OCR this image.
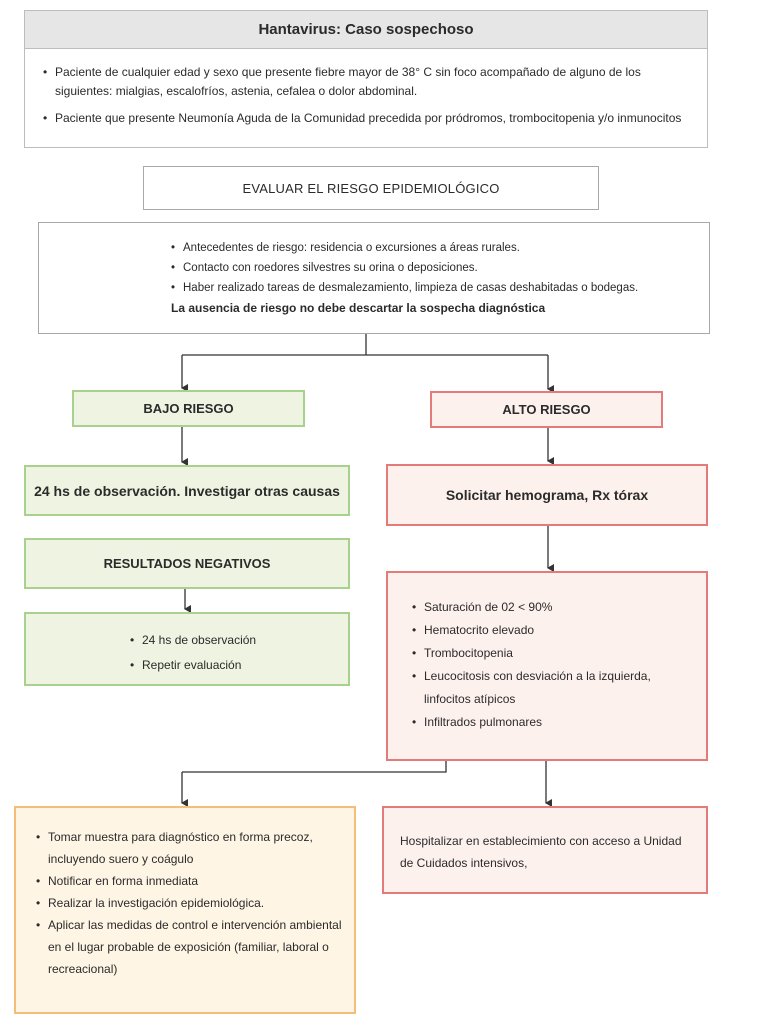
Hantavirus: Caso sospechoso
• Paciente de cualquier edad y sexo que presente fiebre mayor de 38° C sin foco acompañado de alguno de los siguientes: mialgias, escalofríos, astenia, cefalea o dolor abdominal.
• Paciente que presente Neumonía Aguda de la Comunidad precedida por pródromos, trombocitopenia y/o inmunocitos
EVALUAR EL RIESGO EPIDEMIOLÓGICO
• Antecedentes de riesgo: residencia o excursiones a áreas rurales.
• Contacto con roedores silvestres su orina o deposiciones.
• Haber realizado tareas de desmalezamiento, limpieza de casas deshabitadas o bodegas.
La ausencia de riesgo no debe descartar la sospecha diagnóstica
BAJO RIESGO	ALTO RIESGO
24 hs de observación. Investigar otras causas	Solicitar hemograma, Rx tórax
RESULTADOS NEGATIVOS
• 24 hs de observación
• Repetir evaluación
• Saturación de 02 < 90%
• Hematocrito elevado
• Trombocitopenia
• Leucocitosis con desviación a la izquierda, linfocitos atípicos
• Infiltrados pulmonares
• Tomar muestra para diagnóstico en forma precoz, incluyendo suero y coágulo
• Notificar en forma inmediata
• Realizar la investigación epidemiológica.
• Aplicar las medidas de control e intervención ambiental en el lugar probable de exposición (familiar, laboral o recreacional)
Hospitalizar en establecimiento con acceso a Unidad de Cuidados intensivos,
